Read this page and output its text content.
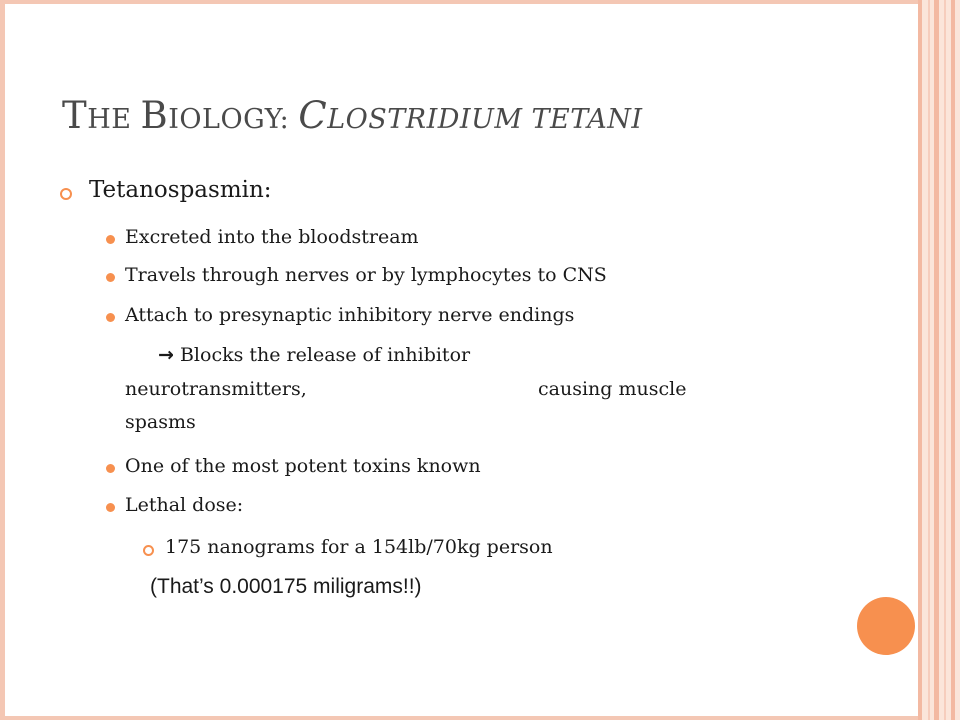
THE BIOLOGY: CLOSTRIDIUM TETANI
Tetanospasmin:
Excreted into the bloodstream
Travels through nerves or by lymphocytes to CNS
Attach to presynaptic inhibitory nerve endings
→ Blocks the release of inhibitor
neurotransmitters,	causing muscle
spasms
One of the most potent toxins known
Lethal dose:
175 nanograms for a 154lb/70kg person
(That’s 0.000175 miligrams!!)
